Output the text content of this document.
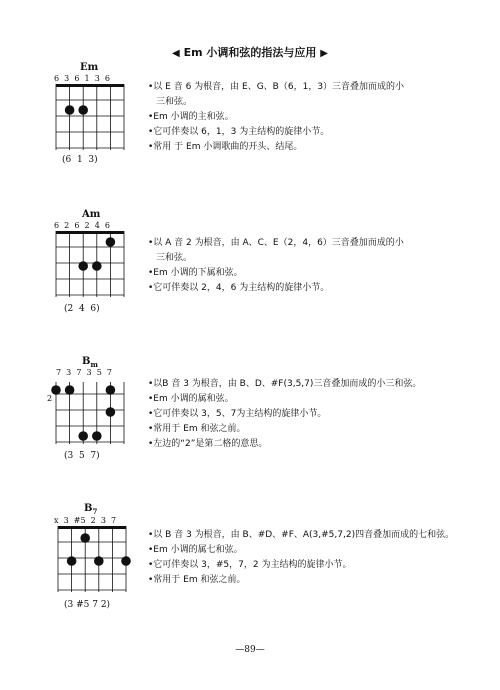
◀ Em 小调和弦的指法与应用 ▶
Em
6  3  6  1  3  6
(6  1  3)

•以 E 音 6 为根音，由 E、G、B（6，1，3）三音叠加而成的小

三和弦。

•Em 小调的主和弦。

•它可伴奏以 6，1，3 为主结构的旋律小节。

•常用 于 Em 小调歌曲的开头、结尾。

Am
6  2  6  2  4  6
(2  4  6)

•以 A 音 2 为根音，由 A、C、E（2，4，6）三音叠加而成的小

三和弦。

•Em 小调的下属和弦。

•它可伴奏以 2，4，6 为主结构的旋律小节。

$B_m$
7  3  7  3  5  7
2
(3  5  7)

•以B 音 3 为根音，由 B、D、#F(3,5,7)三音叠加而成的小三和弦。

•Em 小调的属和弦。

•它可伴奏以 3，5、7为主结构的旋律小节。

•常用于 Em 和弦之前。

•左边的“2”是第二格的意思。

$B_7$
x  3  #5  2  3  7
(3 #5 7 2)

•以 B 音 3 为根音，由 B、#D、#F、A(3,#5,7,2)四音叠加而成的七和弦。

•Em 小调的属七和弦。

•它可伴奏以 3，#5，7，2 为主结构的旋律小节。

•常用于 Em 和弦之前。

—89—
